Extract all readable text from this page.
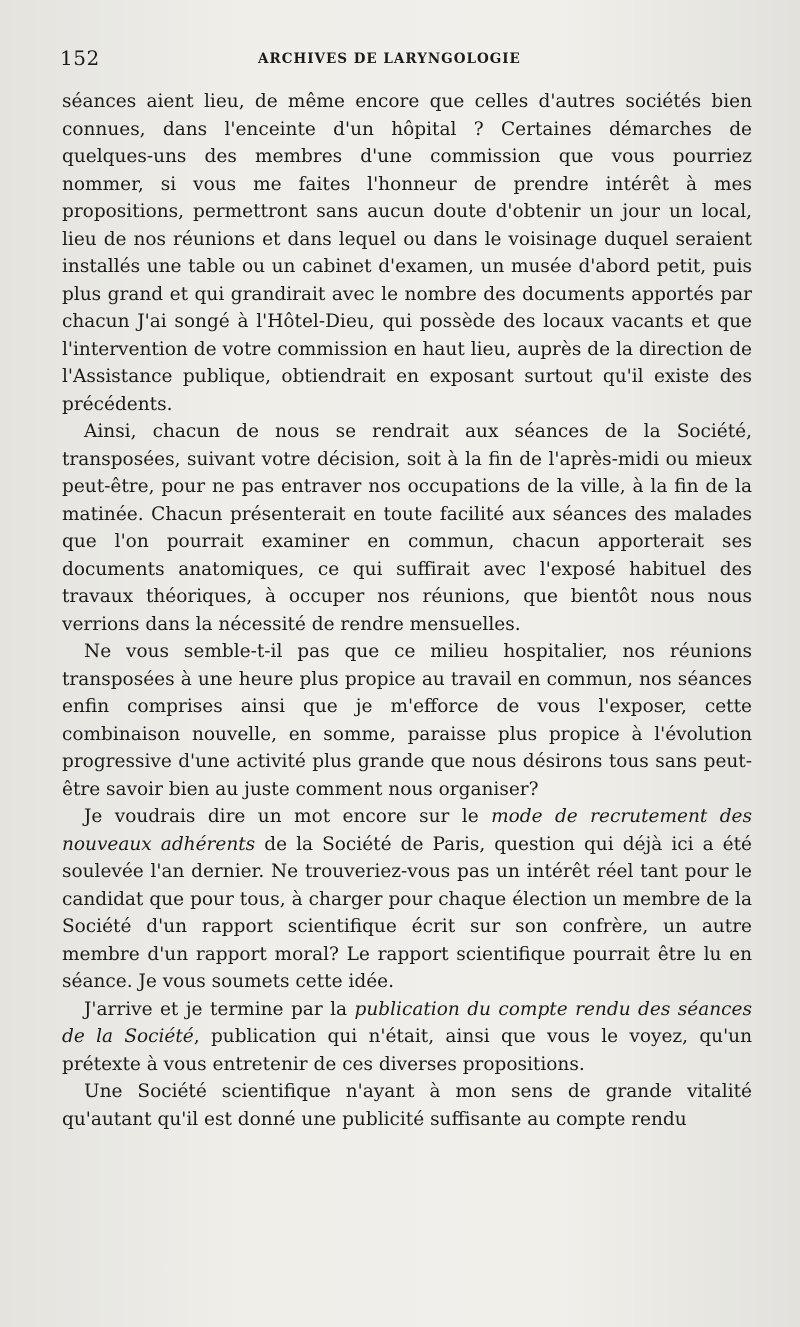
152	ARCHIVES DE LARYNGOLOGIE

séances aient lieu, de même encore que celles d'autres sociétés bien connues, dans l'enceinte d'un hôpital ? Certaines démarches de quelques-uns des membres d'une commission que vous pourriez nommer, si vous me faites l'honneur de prendre intérêt à mes propositions, permettront sans aucun doute d'obtenir un jour un local, lieu de nos réunions et dans lequel ou dans le voisinage duquel seraient installés une table ou un cabinet d'examen, un musée d'abord petit, puis plus grand et qui grandirait avec le nombre des documents apportés par chacun J'ai songé à l'Hôtel-Dieu, qui possède des locaux vacants et que l'intervention de votre commission en haut lieu, auprès de la direction de l'Assistance publique, obtiendrait en exposant surtout qu'il existe des précédents.

Ainsi, chacun de nous se rendrait aux séances de la Société, transposées, suivant votre décision, soit à la fin de l'après-midi ou mieux peut-être, pour ne pas entraver nos occupations de la ville, à la fin de la matinée. Chacun présenterait en toute facilité aux séances des malades que l'on pourrait examiner en commun, chacun apporterait ses documents anatomiques, ce qui suffirait avec l'exposé habituel des travaux théoriques, à occuper nos réunions, que bientôt nous nous verrions dans la nécessité de rendre mensuelles.

Ne vous semble-t-il pas que ce milieu hospitalier, nos réunions transposées à une heure plus propice au travail en commun, nos séances enfin comprises ainsi que je m'efforce de vous l'exposer, cette combinaison nouvelle, en somme, paraisse plus propice à l'évolution progressive d'une activité plus grande que nous désirons tous sans peut-être savoir bien au juste comment nous organiser?

Je voudrais dire un mot encore sur le mode de recrutement des nouveaux adhérents de la Société de Paris, question qui déjà ici a été soulevée l'an dernier. Ne trouveriez-vous pas un intérêt réel tant pour le candidat que pour tous, à charger pour chaque élection un membre de la Société d'un rapport scientifique écrit sur son confrère, un autre membre d'un rapport moral? Le rapport scientifique pourrait être lu en séance. Je vous soumets cette idée.

J'arrive et je termine par la publication du compte rendu des séances de la Société, publication qui n'était, ainsi que vous le voyez, qu'un prétexte à vous entretenir de ces diverses propositions.

Une Société scientifique n'ayant à mon sens de grande vitalité qu'autant qu'il est donné une publicité suffisante au compte rendu
